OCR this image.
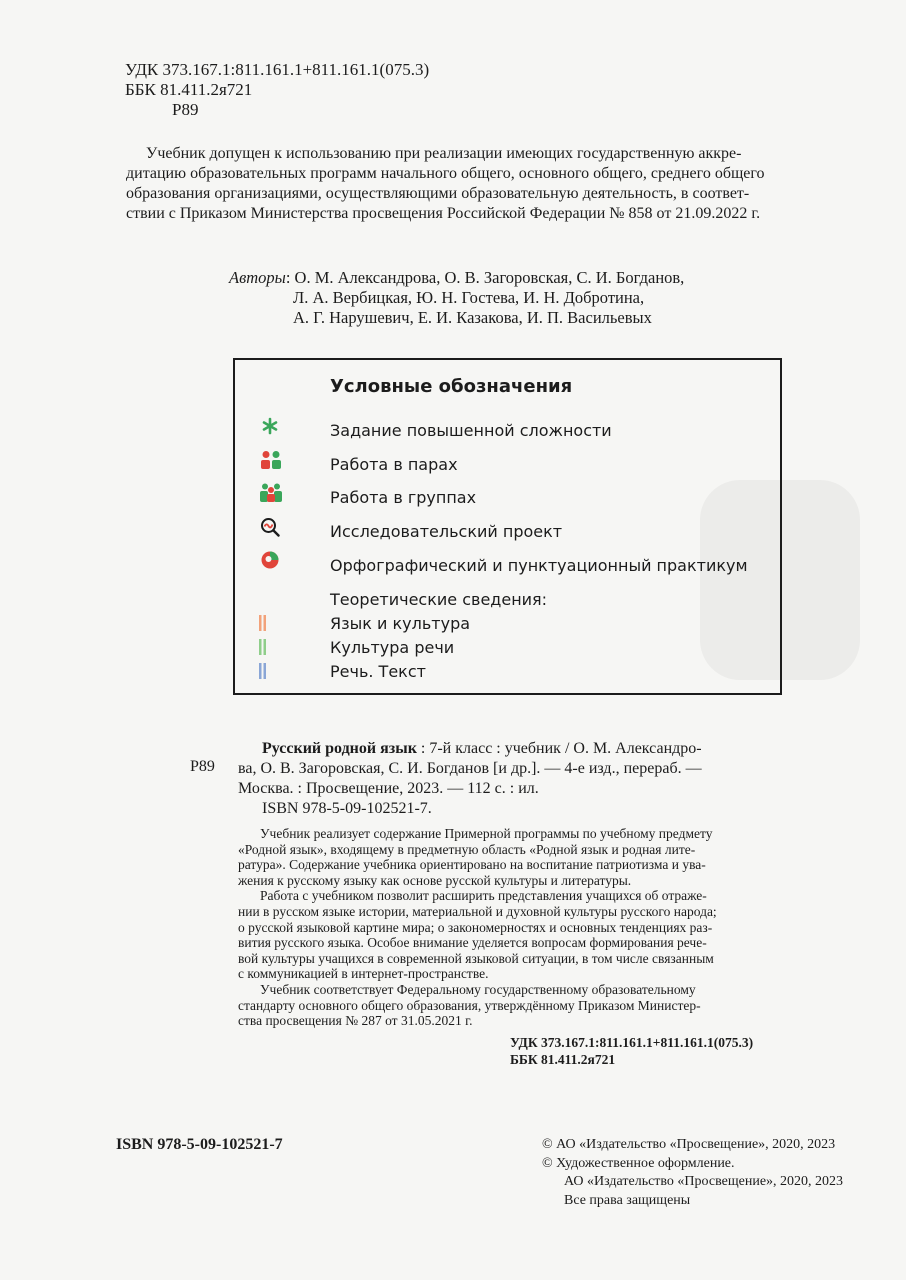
УДК 373.167.1:811.161.1+811.161.1(075.3)
ББК 81.411.2я721
Р89
Учебник допущен к использованию при реализации имеющих государственную аккре-
дитацию образовательных программ начального общего, основного общего, среднего общего
образования организациями, осуществляющими образовательную деятельность, в соответ-
ствии с Приказом Министерства просвещения Российской Федерации № 858 от 21.09.2022 г.
Авторы: О. М. Александрова, О. В. Загоровская, С. И. Богданов,
Л. А. Вербицкая, Ю. Н. Гостева, И. Н. Добротина,
А. Г. Нарушевич, Е. И. Казакова, И. П. Васильевых
Условные обозначения
Задание повышенной сложности
Работа в парах
Работа в группах
Исследовательский проект
Орфографический и пунктуационный практикум
Теоретические сведения:
Язык и культура
Культура речи
Речь. Текст
Р89
Русский родной язык : 7-й класс : учебник / О. М. Александро-
ва, О. В. Загоровская, С. И. Богданов [и др.]. — 4-е изд., перераб. —
Москва. : Просвещение, 2023. — 112 с. : ил.
ISBN 978-5-09-102521-7.
Учебник реализует содержание Примерной программы по учебному предмету
«Родной язык», входящему в предметную область «Родной язык и родная лите-
ратура». Содержание учебника ориентировано на воспитание патриотизма и ува-
жения к русскому языку как основе русской культуры и литературы.
Работа с учебником позволит расширить представления учащихся об отраже-
нии в русском языке истории, материальной и духовной культуры русского народа;
о русской языковой картине мира; о закономерностях и основных тенденциях раз-
вития русского языка. Особое внимание уделяется вопросам формирования рече-
вой культуры учащихся в современной языковой ситуации, в том числе связанным
с коммуникацией в интернет-пространстве.
Учебник соответствует Федеральному государственному образовательному
стандарту основного общего образования, утверждённому Приказом Министер-
ства просвещения № 287 от 31.05.2021 г.
УДК 373.167.1:811.161.1+811.161.1(075.3)
ББК 81.411.2я721
ISBN 978-5-09-102521-7	© АО «Издательство «Просвещение», 2020, 2023
© Художественное оформление.
АО «Издательство «Просвещение», 2020, 2023
Все права защищены
